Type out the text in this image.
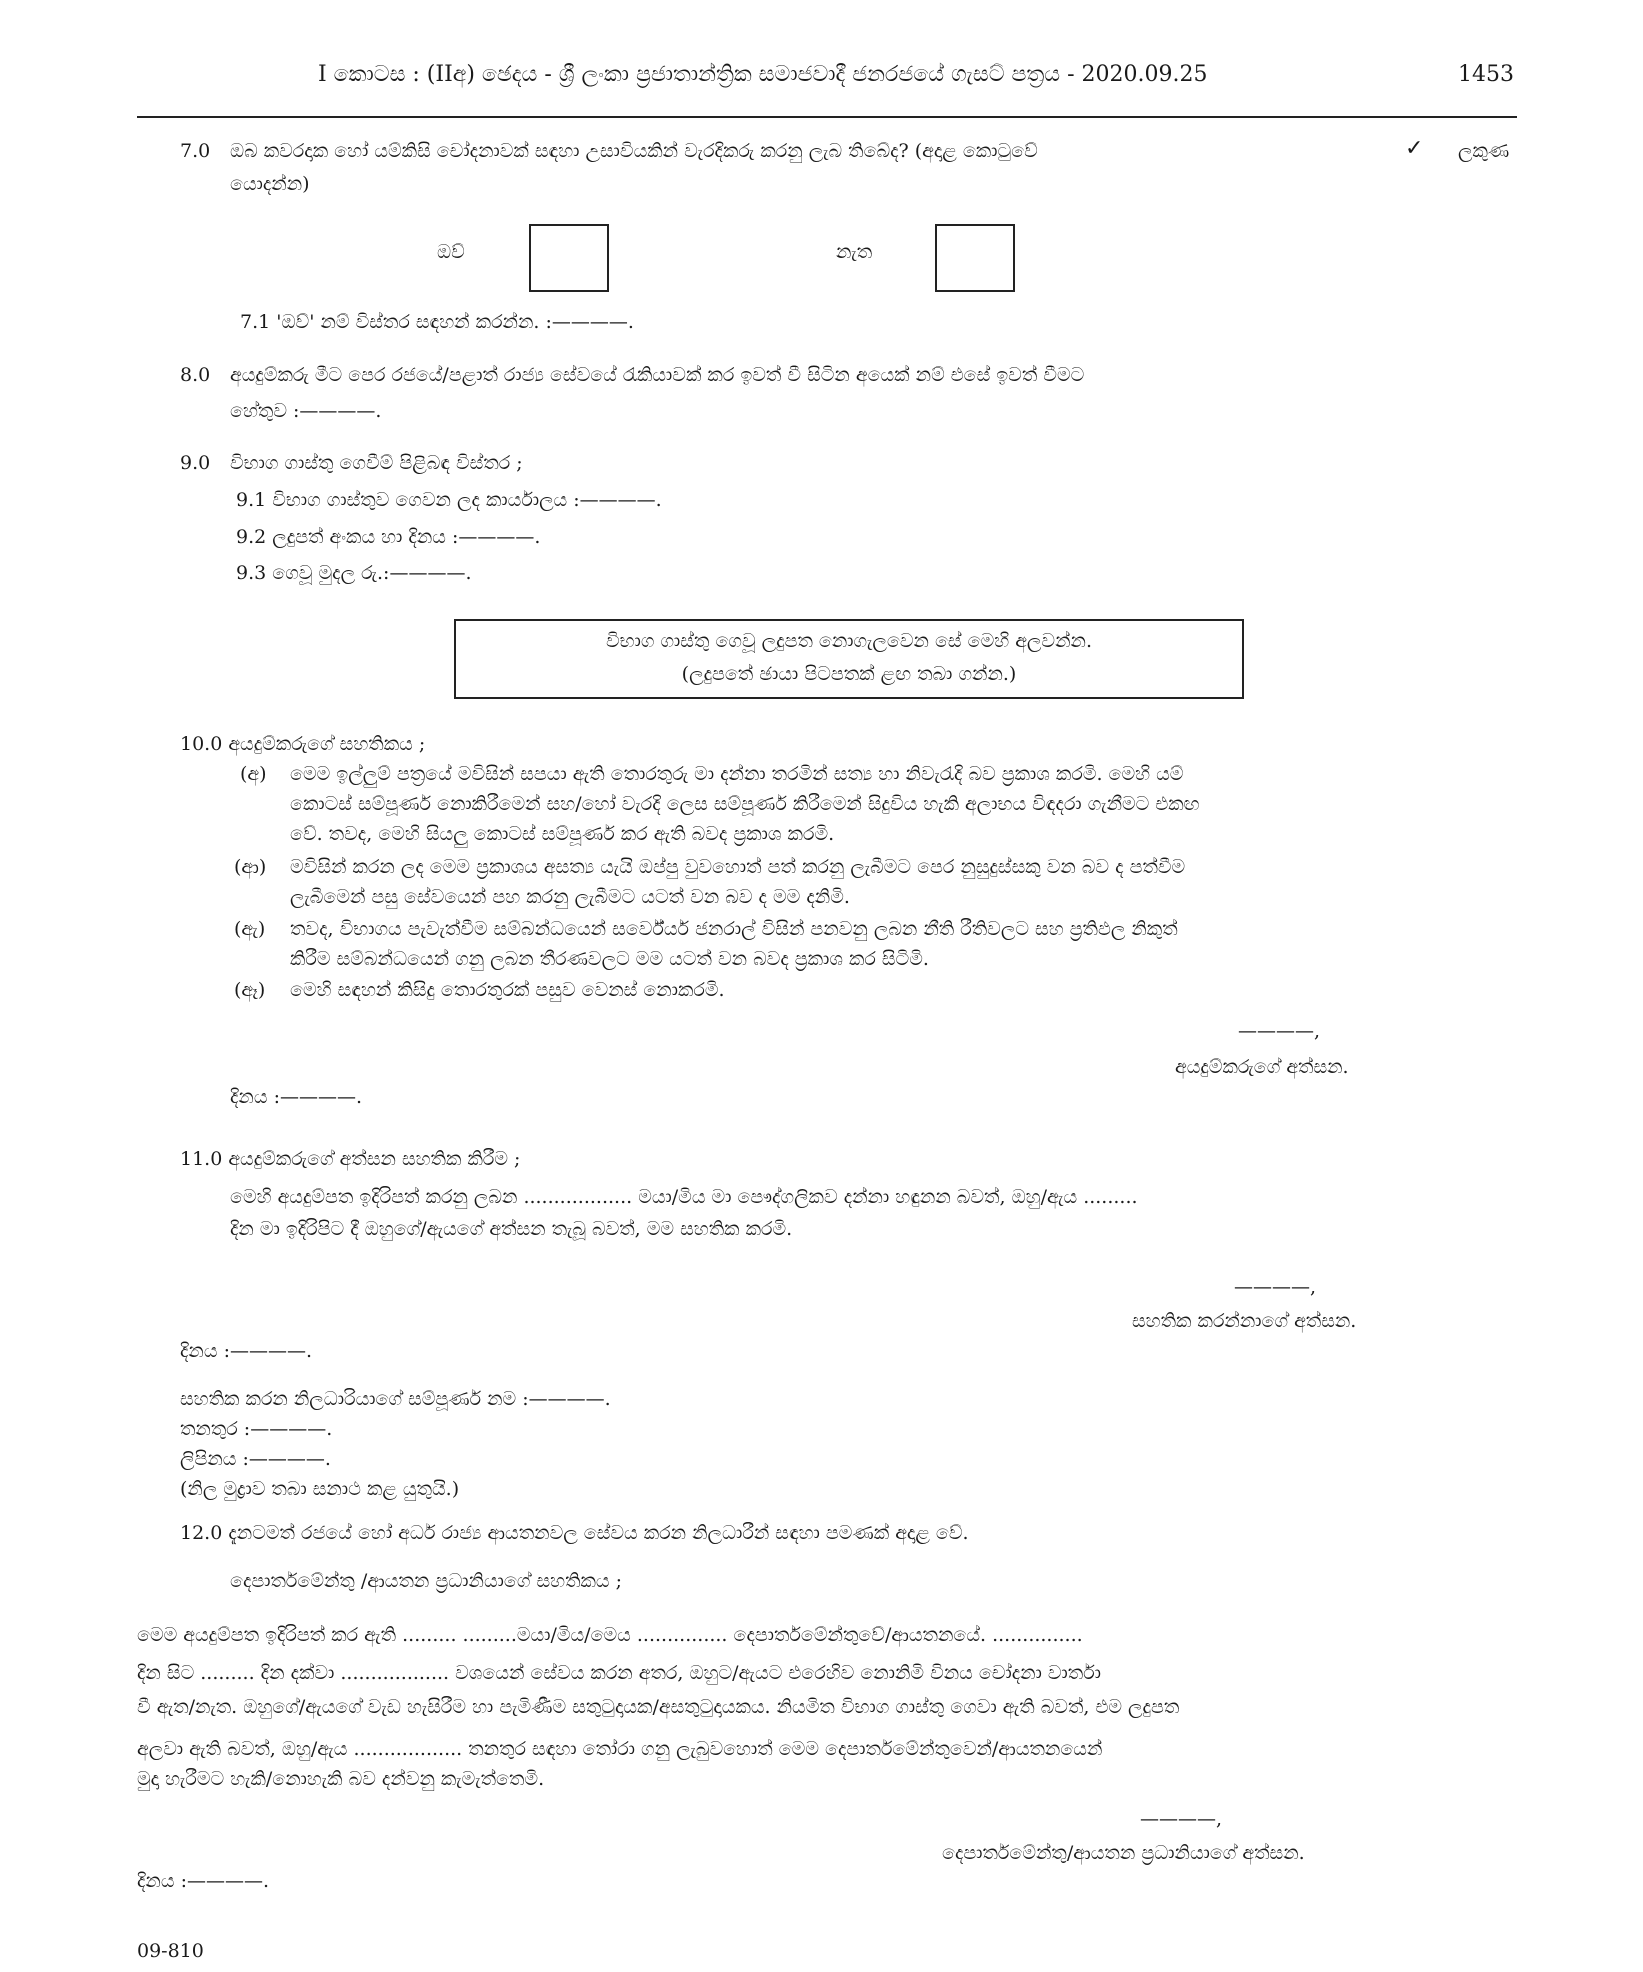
I කොටස : (IIඅ) ඡෙදය - ශ්‍රී ලංකා ප්‍රජාතාන්ත්‍රික සමාජවාදී ජනරජයේ ගැසට් පත්‍රය - 2020.09.25	1453
7.0 ඔබ කවරදාක හෝ යම්කිසි චෝදනාවක් සඳහා උසාවියකින් වැරදිකරු කරනු ලැබ තිබේද? (අදාළ කොටුවේ	✓ ලකුණ
යොදන්න)
ඔව්	නැත
7.1 'ඔව්' නම් විස්තර සඳහන් කරන්න. :————.
8.0 අයදුම්කරු මීට පෙර රජයේ/පළාත් රාජ්‍ය සේවයේ රැකියාවක් කර ඉවත් වී සිටින අයෙක් නම් එසේ ඉවත් වීමට
හේතුව :————.
9.0 විභාග ගාස්තු ගෙවීම් පිළිබඳ විස්තර ;
9.1 විභාග ගාස්තුව ගෙවන ලද කාර්යාලය :————.
9.2 ලදුපත් අංකය හා දිනය :————.
9.3 ගෙවූ මුදල රු.:————.
විභාග ගාස්තු ගෙවූ ලදුපත නොගැලවෙන සේ මෙහි අලවන්න.
(ලදුපතේ ඡායා පිටපතක් ළඟ තබා ගන්න.)
10.0 අයදුම්කරුගේ සහතිකය ;
(අ) මෙම ඉල්ලුම් පත්‍රයේ මවිසින් සපයා ඇති තොරතුරු මා දන්නා තරමින් සත්‍ය හා නිවැරැදි බව ප්‍රකාශ කරමි. මෙහි යම්
කොටස් සම්පූර්ණ නොකිරීමෙන් සහ/හෝ වැරදි ලෙස සම්පූර්ණ කිරීමෙන් සිදුවිය හැකි අලාභය විඳදරා ගැනීමට එකඟ
වේ. තවද, මෙහි සියලු කොටස් සම්පූර්ණ කර ඇති බවද ප්‍රකාශ කරමි.
(ආ) මවිසින් කරන ලද මෙම ප්‍රකාශය අසත්‍ය යැයි ඔප්පු වුවහොත් පත් කරනු ලැබීමට පෙර නුසුදුස්සකු වන බව ද පත්වීම
ලැබීමෙන් පසු සේවයෙන් පහ කරනු ලැබීමට යටත් වන බව ද මම දනිමි.
(ඇ) තවද, විභාගය පැවැත්වීම සම්බන්ධයෙන් සර්වේයර් ජනරාල් විසින් පනවනු ලබන නීති රීතිවලට සහ ප්‍රතිඵල නිකුත්
කිරීම සම්බන්ධයෙන් ගනු ලබන තීරණවලට මම යටත් වන බවද ප්‍රකාශ කර සිටිමි.
(ඈ) මෙහි සඳහන් කිසිදු තොරතුරක් පසුව වෙනස් නොකරමි.
————,
අයදුම්කරුගේ අත්සන.
දිනය :————.
11.0 අයදුම්කරුගේ අත්සන සහතික කිරීම ;
මෙහි අයදුම්පත ඉදිරිපත් කරනු ලබන .................. මයා/මිය මා පෞද්ගලිකව දන්නා හඳුනන බවත්, ඔහු/ඇය .........
දින මා ඉදිරිපිට දී ඔහුගේ/ඇයගේ අත්සන තැබූ බවත්, මම සහතික කරමි.
————,
සහතික කරන්නාගේ අත්සන.
දිනය :————.
සහතික කරන නිලධාරියාගේ සම්පූර්ණ නම :————.
තනතුර :————.
ලිපිනය :————.
(නිල මුද්‍රාව තබා සනාථ කළ යුතුයි.)
12.0 දැනටමත් රජයේ හෝ අර්ධ රාජ්‍ය ආයතනවල සේවය කරන නිලධාරීන් සඳහා පමණක් අදාළ වේ.
දෙපාර්තමේන්තු /ආයතන ප්‍රධානියාගේ සහතිකය ;
මෙම අයදුම්පත ඉදිරිපත් කර ඇති ......... .........මයා/මිය/මෙය ............... දෙපාර්තමේන්තුවේ/ආයතනයේ. ...............
දින සිට ......... දින දක්වා .................. වශයෙන් සේවය කරන අතර, ඔහුට/ඇයට එරෙහිව නොනිමි විනය චෝදනා වාර්තා
වී ඇත/නැත. ඔහුගේ/ඇයගේ වැඩ හැසිරීම හා පැමිණීම සතුටුදායක/අසතුටුදායකය. නියමිත විභාග ගාස්තු ගෙවා ඇති බවත්, එම ලදුපත
අලවා ඇති බවත්, ඔහු/ඇය .................. තනතුර සඳහා තෝරා ගනු ලැබුවහොත් මෙම දෙපාර්තමේන්තුවෙන්/ආයතනයෙන්
මුදා හැරීමට හැකි/නොහැකි බව දන්වනු කැමැත්තෙමි.
————,
දෙපාර්තමේන්තු/ආයතන ප්‍රධානියාගේ අත්සන.
දිනය :————.
09-810
